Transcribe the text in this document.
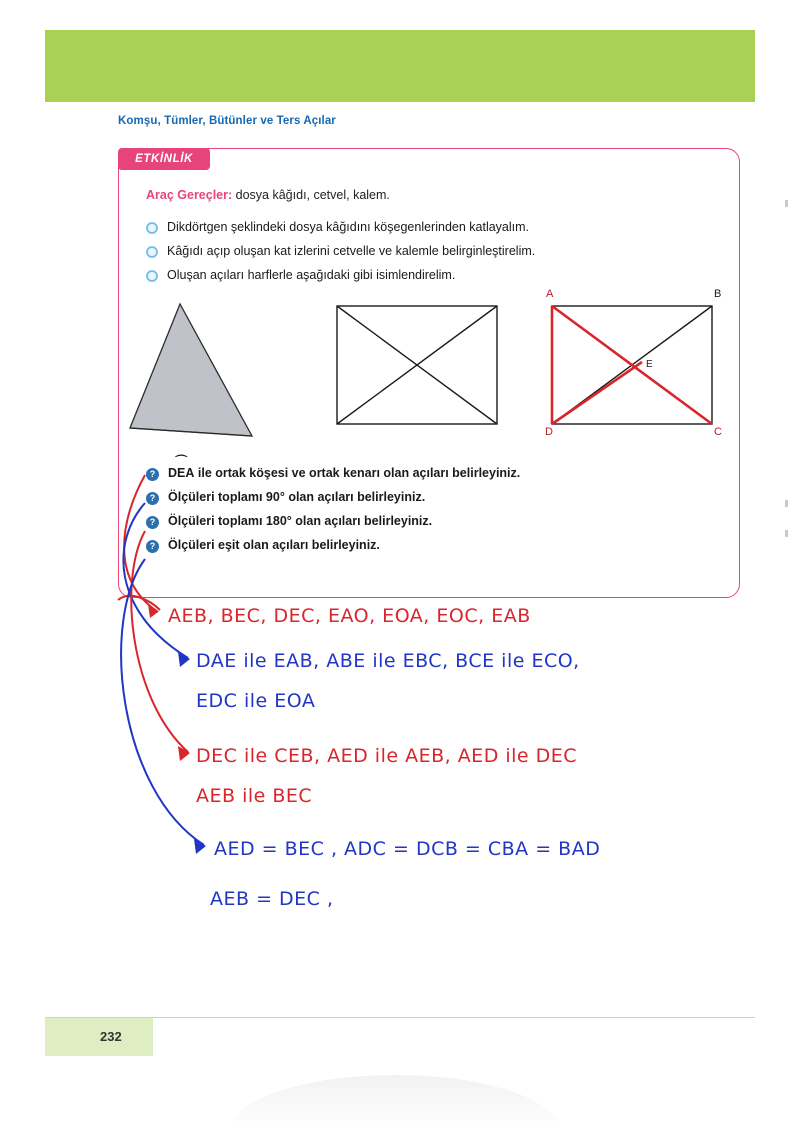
Komşu, Tümler, Bütünler ve Ters Açılar
ETKİNLİK
Araç Gereçler: dosya kâğıdı, cetvel, kalem.
Dikdörtgen şeklindeki dosya kâğıdını köşegenlerinden katlayalım.
Kâğıdı açıp oluşan kat izlerini cetvelle ve kalemle belirginleştirelim.
Oluşan açıları harflerle aşağıdaki gibi isimlendirelim.
A	B
C
D
E
?	⌒ DEA ile ortak köşesi ve ortak kenarı olan açıları belirleyiniz.
?	Ölçüleri toplamı 90° olan açıları belirleyiniz.
?	Ölçüleri toplamı 180° olan açıları belirleyiniz.
?	Ölçüleri eşit olan açıları belirleyiniz.
AEB, BEC, DEC, EAO, EOA, EOC, EAB
DAE ile EAB, ABE ile EBC, BCE ile ECO,
EDC ile EOA
DEC ile CEB, AED ile AEB, AED ile DEC
AEB ile BEC
AED = BEC , ADC = DCB = CBA = BAD
AEB = DEC ,
232
